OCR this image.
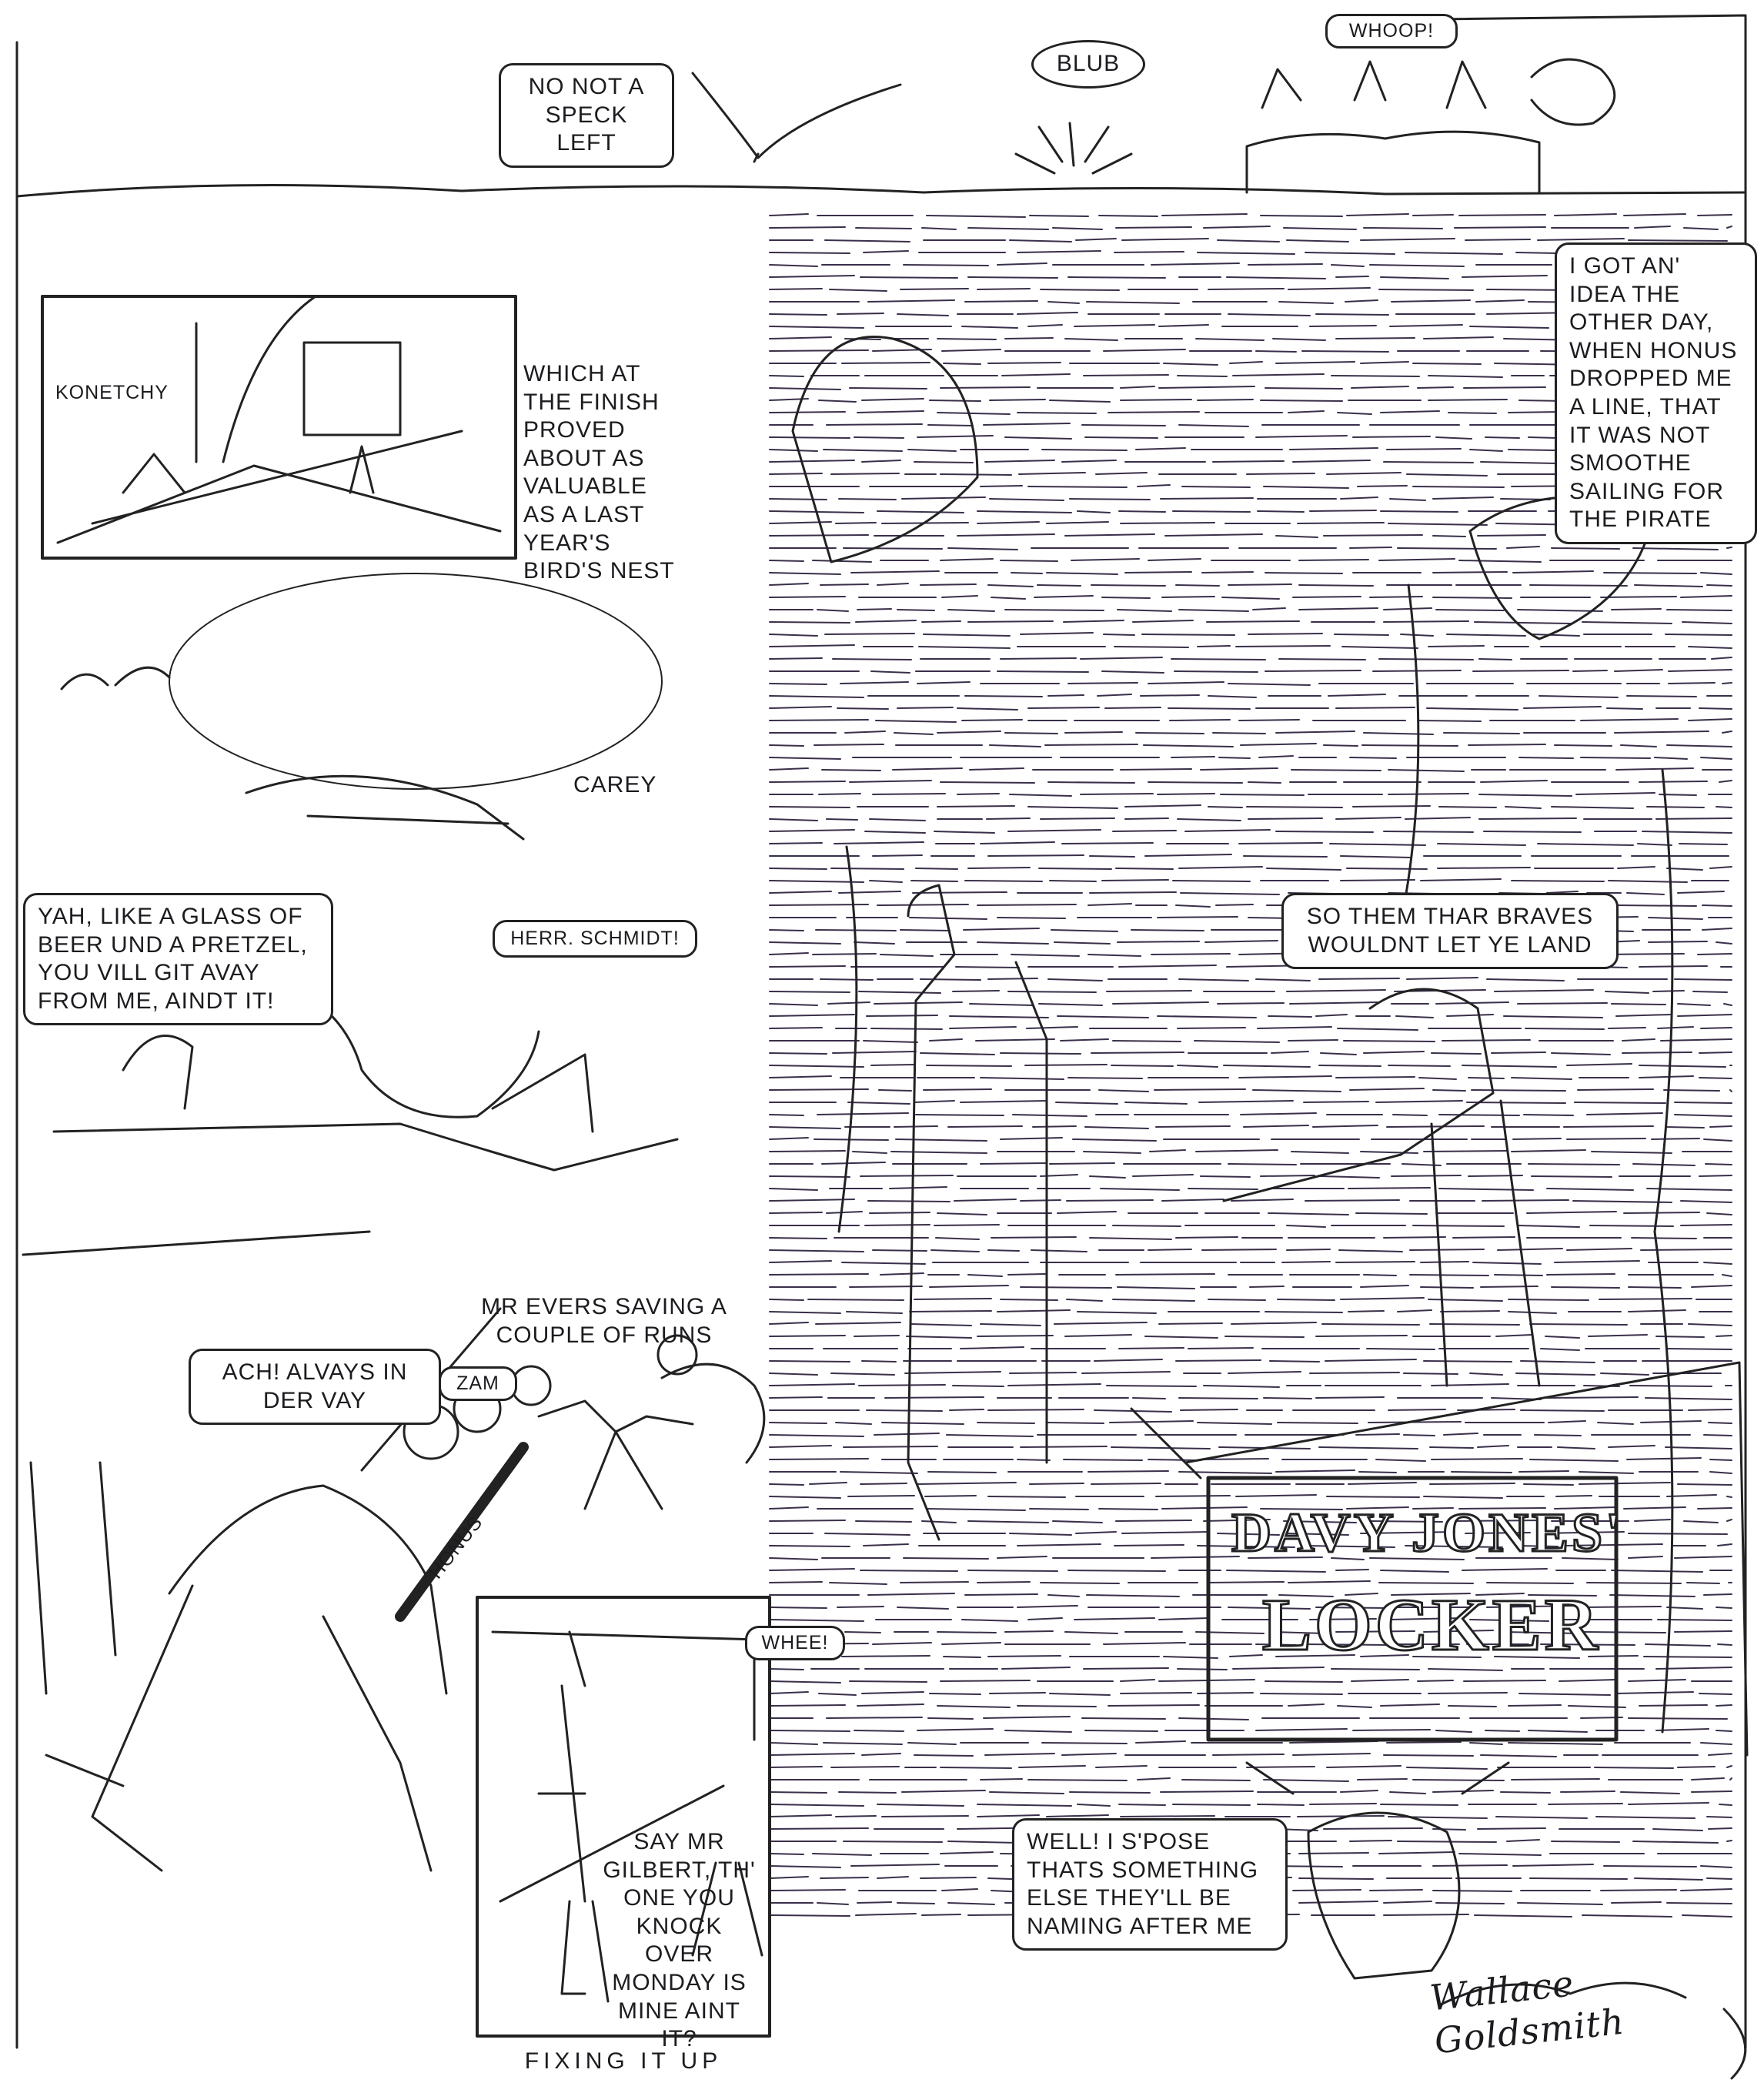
NO NOT A SPECK LEFT
BLUB
WHOOP!
KONETCHY
WHICH AT THE FINISH PROVED ABOUT AS VALUABLE AS A LAST YEAR'S BIRD'S NEST
CAREY
YAH, LIKE A GLASS OF BEER UND A PRETZEL, YOU VILL GIT AVAY FROM ME, AINDT IT!
HERR. SCHMIDT!
MR EVERS SAVING A COUPLE OF RUNS
ACH! ALVAYS IN DER VAY
ZAM
HONUS
WHEE!
SAY MR GILBERT, TH' ONE YOU KNOCK OVER MONDAY IS MINE AINT IT?
FIXING IT UP
I GOT AN' IDEA THE OTHER DAY, WHEN HONUS DROPPED ME A LINE, THAT IT WAS NOT SMOOTHE SAILING FOR THE PIRATE
SO THEM THAR BRAVES WOULDNT LET YE LAND
DAVY JONES'
LOCKER
WELL! I S'POSE THATS SOMETHING ELSE THEY'LL BE NAMING AFTER ME
Wallace Goldsmith
